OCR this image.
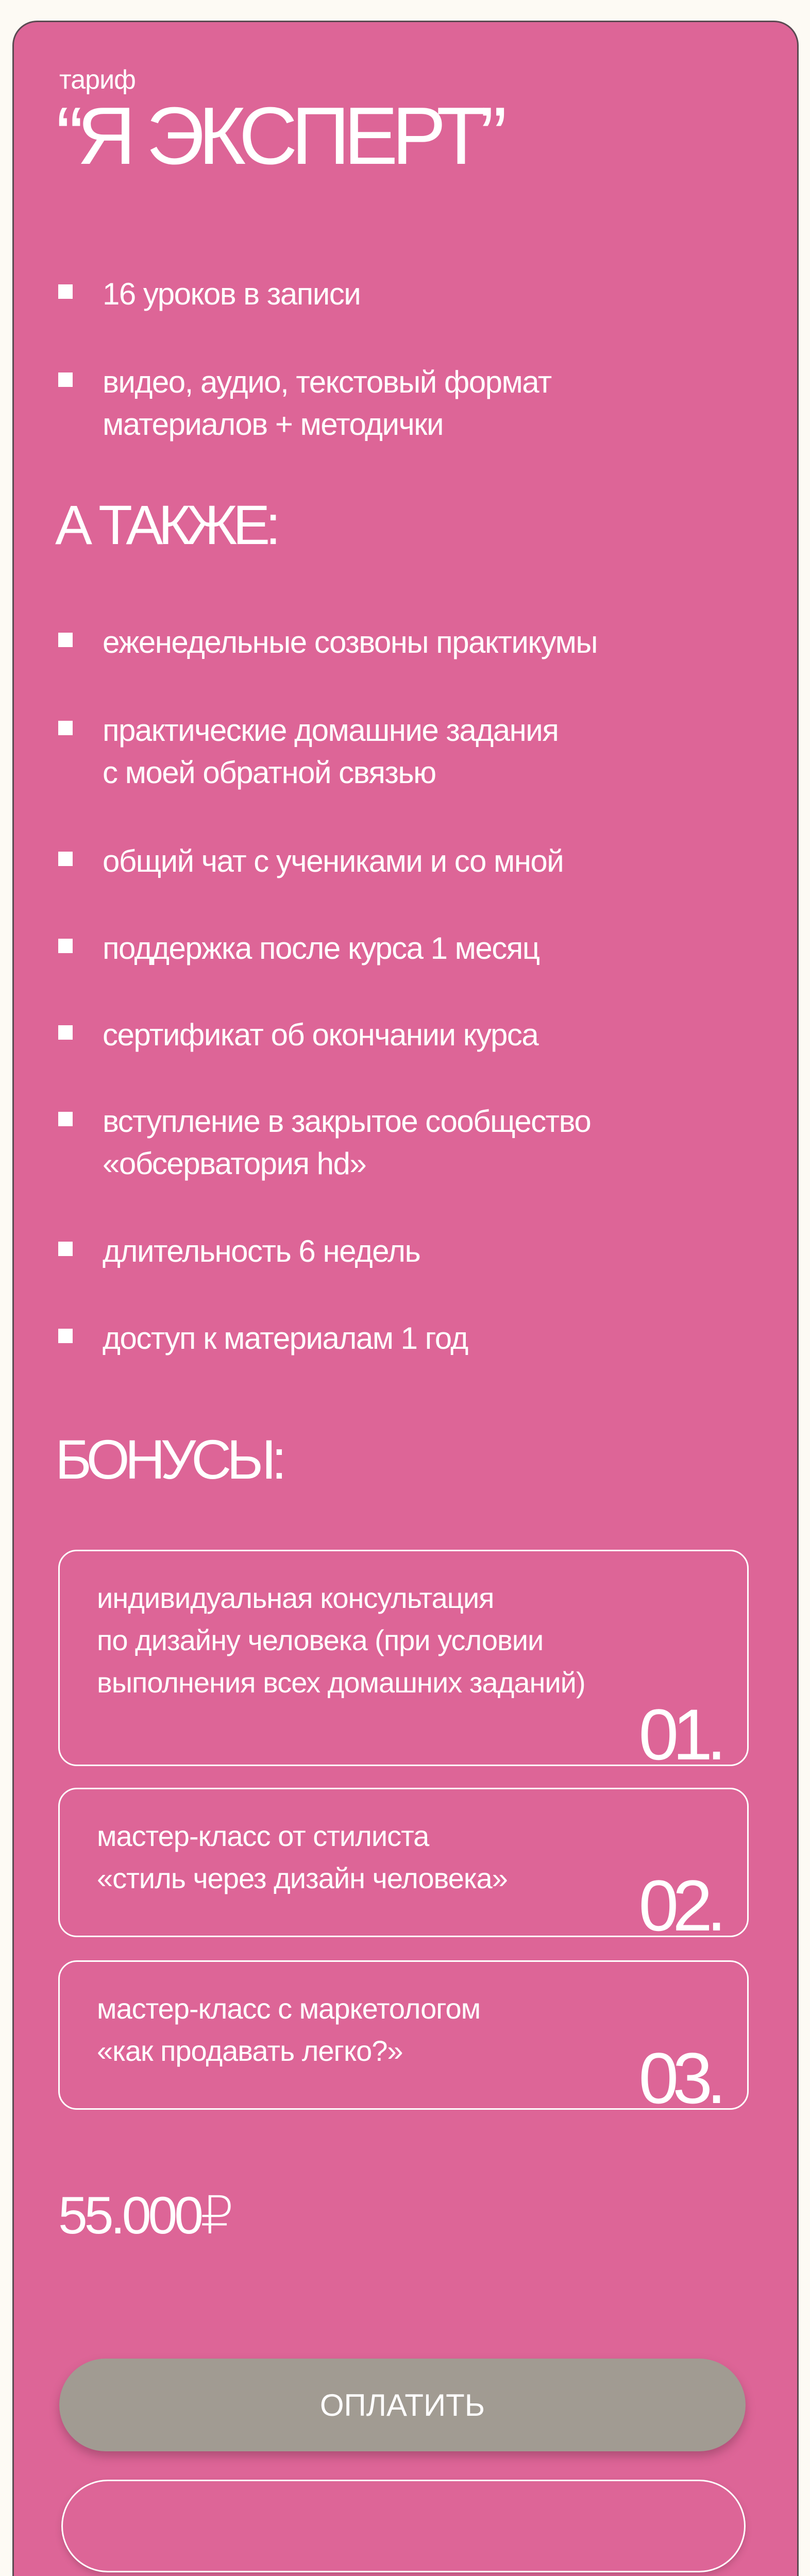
тариф
“Я ЭКСПЕРТ”
16 уроков в записи
видео, аудио, текстовый формат
материалов + методички
А ТАКЖЕ:
еженедельные созвоны практикумы
практические домашние задания
с моей обратной связью
общий чат с учениками и со мной
поддержка после курса 1 месяц
сертификат об окончании курса
вступление в закрытое сообщество
«обсерватория hd»
длительность 6 недель
доступ к материалам 1 год
БОНУСЫ:
индивидуальная консультация
по дизайну человека (при условии
выполнения всех домашних заданий)
01.
мастер-класс от стилиста
«стиль через дизайн человека» 02.
мастер-класс с маркетологом
«как продавать легко?»	03.
55.000₽
ОПЛАТИТЬ
